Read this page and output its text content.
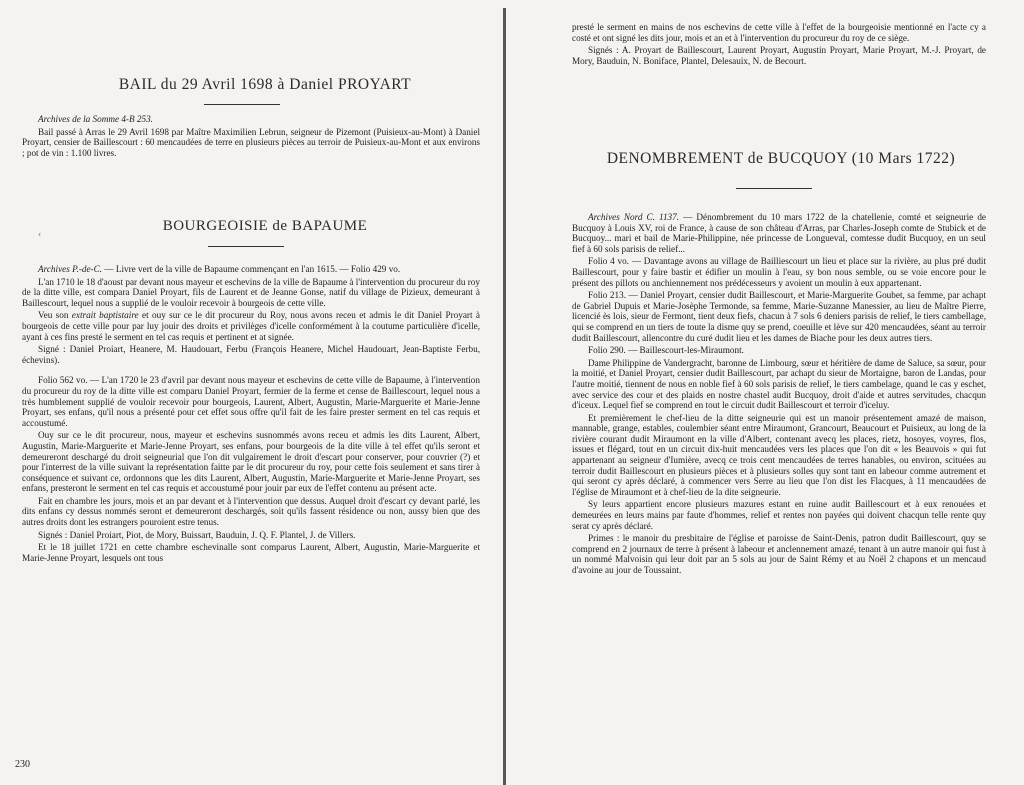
BAIL du 29 Avril 1698 à Daniel PROYART

Archives de la Somme 4-B 253.

Bail passé à Arras le 29 Avril 1698 par Maître Maximilien Lebrun, seigneur de Pizemont (Puisieux-au-Mont) à Daniel Proyart, censier de Baillescourt : 60 mencaudées de terre en plusieurs pièces au terroir de Puisieux-au-Mont et aux environs ; pot de vin : 1.100 livres.

BOURGEOISIE de BAPAUME
‹

Archives P.-de-C. — Livre vert de la ville de Bapaume commençant en l'an 1615. — Folio 429 vo.

L'an 1710 le 18 d'aoust par devant nous mayeur et eschevins de la ville de Bapaume à l'intervention du procureur du roy de la ditte ville, est compara Daniel Proyart, fils de Laurent et de Jeanne Gonse, natif du village de Pizieux, demeurant à Baillescourt, lequel nous a supplié de le vouloir recevoir à bourgeois de cette ville.

Veu son extrait baptistaire et ouy sur ce le dit procureur du Roy, nous avons receu et admis le dit Daniel Proyart à bourgeois de cette ville pour par luy jouir des droits et privilèges d'icelle conformément à la coutume particulière d'icelle, ayant à ces fins presté le serment en tel cas requis et pertinent et at signée.

Signé : Daniel Proiart, Heanere, M. Haudouart, Ferbu (François Heanere, Michel Haudouart, Jean-Baptiste Ferbu, échevins).

Folio 562 vo. — L'an 1720 le 23 d'avril par devant nous mayeur et eschevins de cette ville de Bapaume, à l'intervention du procureur du roy de la ditte ville est comparu Daniel Proyart, fermier de la ferme et cense de Baillescourt, lequel nous a très humblement supplié de vouloir recevoir pour bourgeois, Laurent, Albert, Augustin, Marie-Marguerite et Marie-Jenne Proyart, ses enfans, qu'il nous a présenté pour cet effet sous offre qu'il fait de les faire prester serment en tel cas requis et accoustumé.

Ouy sur ce le dit procureur, nous, mayeur et eschevins susnommés avons receu et admis les dits Laurent, Albert, Augustin, Marie-Marguerite et Marie-Jenne Proyart, ses enfans, pour bourgeois de la dite ville à tel effet qu'ils seront et demeureront deschargé du droit seigneurial que l'on dit vulgairement le droit d'escart pour conserver, pour couvrier (?) et pour l'interrest de la ville suivant la représentation faitte par le dit procureur du roy, pour cette fois seulement et sans tirer à conséquence et suivant ce, ordonnons que les dits Laurent, Albert, Augustin, Marie-Marguerite et Marie-Jenne Proyart, ses enfans, presteront le serment en tel cas requis et accoustumé pour jouir par eux de l'effet contenu au présent acte.

Fait en chambre les jours, mois et an par devant et à l'intervention que dessus. Auquel droit d'escart cy devant parlé, les dits enfans cy dessus nommés seront et demeureront deschargés, soit qu'ils fassent résidence ou non, aussy bien que des autres droits dont les estrangers pouroient estre tenus.

Signés : Daniel Proiart, Piot, de Mory, Buissart, Bauduin, J. Q. F. Plantel, J. de Villers.

Et le 18 juillet 1721 en cette chambre eschevinalle sont comparus Laurent, Albert, Augustin, Marie-Marguerite et Marie-Jenne Proyart, lesquels ont tous

230

presté le serment en mains de nos eschevins de cette ville à l'effet de la bourgeoisie mentionné en l'acte cy a costé et ont signé les dits jour, mois et an et à l'intervention du procureur du roy de ce siège.

Signés : A. Proyart de Baillescourt, Laurent Proyart, Augustin Proyart, Marie Proyart, M.-J. Proyart, de Mory, Bauduin, N. Boniface, Plantel, Delesauix, N. de Becourt.

DENOMBREMENT de BUCQUOY (10 Mars 1722)

Archives Nord C. 1137. — Dénombrement du 10 mars 1722 de la chatellenie, comté et seigneurie de Bucquoy à Louis XV, roi de France, à cause de son château d'Arras, par Charles-Joseph comte de Stubick et de Bucquoy... mari et bail de Marie-Philippine, née princesse de Longueval, comtesse dudit Bucquoy, en un seul fief à 60 sols parisis de relief...

Folio 4 vo. — Davantage avons au village de Bailliescourt un lieu et place sur la rivière, au plus pré dudit Baillescourt, pour y faire bastir et édifier un moulin à l'eau, sy bon nous semble, ou se voie encore pour le présent des pillots ou anchiennement nos prédécesseurs y avoient un moulin à eux appartenant.

Folio 213. — Daniel Proyart, censier dudit Baillescourt, et Marie-Marguerite Goubet, sa femme, par achapt de Gabriel Dupuis et Marie-Josèphe Termonde, sa femme, Marie-Suzanne Manessier, au lieu de Maître Pierre, licencié ès lois, sieur de Fermont, tient deux fiefs, chacun à 7 sols 6 deniers parisis de relief, le tiers cambellage, qui se comprend en un tiers de toute la disme quy se prend, coeuille et lève sur 420 mencaudées, séant au terroir dudit Baillescourt, allencontre du curé dudit lieu et les dames de Biache pour les deux autres tiers.

Folio 290. — Baillescourt-les-Miraumont.

Dame Philippine de Vandergracht, baronne de Limbourg, sœur et héritière de dame de Saluce, sa sœur, pour la moitié, et Daniel Proyart, censier dudit Baillescourt, par achapt du sieur de Mortaigne, baron de Landas, pour l'autre moitié, tiennent de nous en noble fief à 60 sols parisis de relief, le tiers cambelage, quand le cas y eschet, avec service des cour et des plaids en nostre chastel audit Bucquoy, droit d'aide et autres servitudes, chacqun d'iceux. Lequel fief se comprend en tout le circuit dudit Baillescourt et terroir d'iceluy.

Et premièrement le chef-lieu de la ditte seigneurie qui est un manoir présentement amazé de maison, mannable, grange, estables, coulembier séant entre Miraumont, Grancourt, Beaucourt et Puisieux, au long de la rivière courant dudit Miraumont en la ville d'Albert, contenant avecq les places, rietz, hosoyes, voyres, flos, issues et flégard, tout en un circuit dix-huit mencaudées vers les places que l'on dit « les Beauvois » qui fut appartenant au seigneur d'Iumière, avecq ce trois cent mencaudées de terres hanables, ou environ, scituées au terroir dudit Baillescourt en plusieurs pièces et à plusieurs solles quy sont tant en labeour comme autrement et qui seront cy après déclaré, à commencer vers Serre au lieu que l'on dist les Flacques, à 11 mencaudées de l'église de Miraumont et à chef-lieu de la dite seigneurie.

Sy leurs appartient encore plusieurs mazures estant en ruine audit Baillescourt et à eux renouées et demeurées en leurs mains par faute d'hommes, relief et rentes non payées qui doivent chacqun telle rente quy serat cy après déclaré.

Primes : le manoir du presbitaire de l'église et paroisse de Saint-Denis, patron dudit Baillescourt, quy se comprend en 2 journaux de terre à présent à labeour et anclennement amazé, tenant à un autre manoir qui fust à un nommé Malvoisin qui leur doit par an 5 sols au jour de Saint Rémy et au Noël 2 chapons et un mencaud d'avoine au jour de Toussaint.
